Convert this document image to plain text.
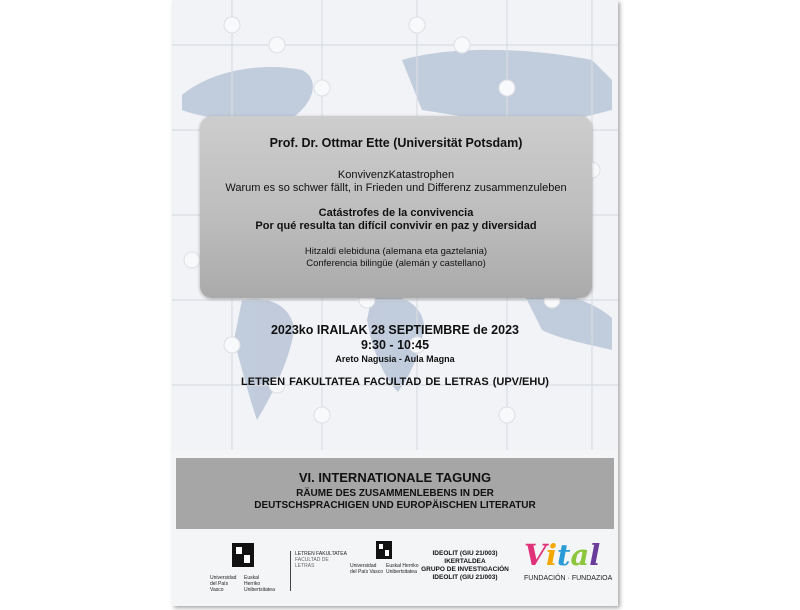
Prof. Dr. Ottmar Ette (Universität Potsdam)
KonvivenzKatastrophen
Warum es so schwer fällt, in Frieden und Differenz zusammenzuleben
Catástrofes de la convivencia
Por qué resulta tan difícil convivir en paz y diversidad
Hitzaldi elebiduna (alemana eta gaztelania)
Conferencia bilingüe (alemán y castellano)
2023ko IRAILAK 28 SEPTIEMBRE de 2023
9:30 - 10:45
Areto Nagusia - Aula Magna
LETREN FAKULTATEA FACULTAD DE LETRAS (UPV/EHU)
VI. INTERNATIONALE TAGUNG
RÄUME DES ZUSAMMENLEBENS IN DER
DEUTSCHSPRACHIGEN UND EUROPÄISCHEN LITERATUR
Universidad del País Vasco
Euskal Herriko Unibertsitatea
LETREN FAKULTATEA
FACULTAD DE LETRAS	Universidad del País Vasco
Euskal Herriko Unibertsitatea
IDEOLIT (GIU 21/003)
IKERTALDEA
GRUPO DE INVESTIGACIÓN
IDEOLIT (GIU 21/003)
Vital
FUNDACIÓN · FUNDAZIOA
